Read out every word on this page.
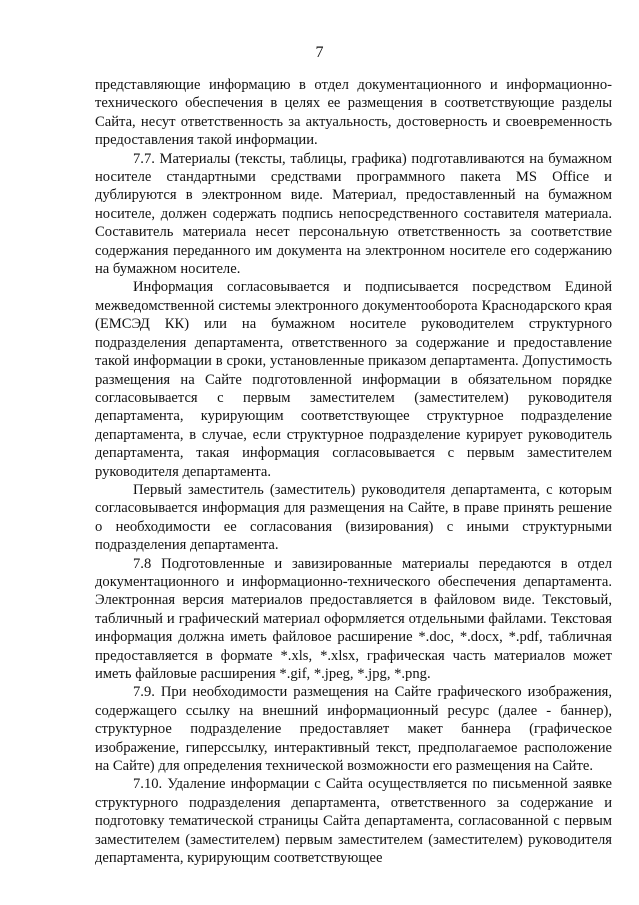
7

представляющие информацию в отдел документационного и информационно-технического обеспечения в целях ее размещения в соответствующие разделы Сайта, несут ответственность за актуальность, достоверность и своевременность предоставления такой информации.

7.7. Материалы (тексты, таблицы, графика) подготавливаются на бумажном носителе стандартными средствами программного пакета MS Office и дублируются в электронном виде. Материал, предоставленный на бумажном носителе, должен содержать подпись непосредственного составителя материала. Составитель материала несет персональную ответственность за соответствие содержания переданного им документа на электронном носителе его содержанию на бумажном носителе.

Информация согласовывается и подписывается посредством Единой межведомственной системы электронного документооборота Краснодарского края (ЕМСЭД КК) или на бумажном носителе руководителем структурного подразделения департамента, ответственного за содержание и предоставление такой информации в сроки, установленные приказом департамента. Допустимость размещения на Сайте подготовленной информации в обязательном порядке согласовывается с первым заместителем (заместителем) руководителя департамента, курирующим соответствующее структурное подразделение департамента, в случае, если структурное подразделение курирует руководитель департамента, такая информация согласовывается с первым заместителем руководителя департамента.

Первый заместитель (заместитель) руководителя департамента, с которым согласовывается информация для размещения на Сайте, в праве принять решение о необходимости ее согласования (визирования) с иными структурными подразделения департамента.

7.8 Подготовленные и завизированные материалы передаются в отдел документационного и информационно-технического обеспечения департамента. Электронная версия материалов предоставляется в файловом виде. Текстовый, табличный и графический материал оформляется отдельными файлами. Текстовая информация должна иметь файловое расширение *.doc, *.docx, *.pdf, табличная предоставляется в формате *.xls, *.xlsx, графическая часть материалов может иметь файловые расширения *.gif, *.jpeg, *.jpg, *.png.

7.9. При необходимости размещения на Сайте графического изображения, содержащего ссылку на внешний информационный ресурс (далее - баннер), структурное подразделение предоставляет макет баннера (графическое изображение, гиперссылку, интерактивный текст, предполагаемое расположение на Сайте) для определения технической возможности его размещения на Сайте.

7.10. Удаление информации с Сайта осуществляется по письменной заявке структурного подразделения департамента, ответственного за содержание и подготовку тематической страницы Сайта департамента, согласованной с первым заместителем (заместителем) первым заместителем (заместителем) руководителя департамента, курирующим соответствующее
